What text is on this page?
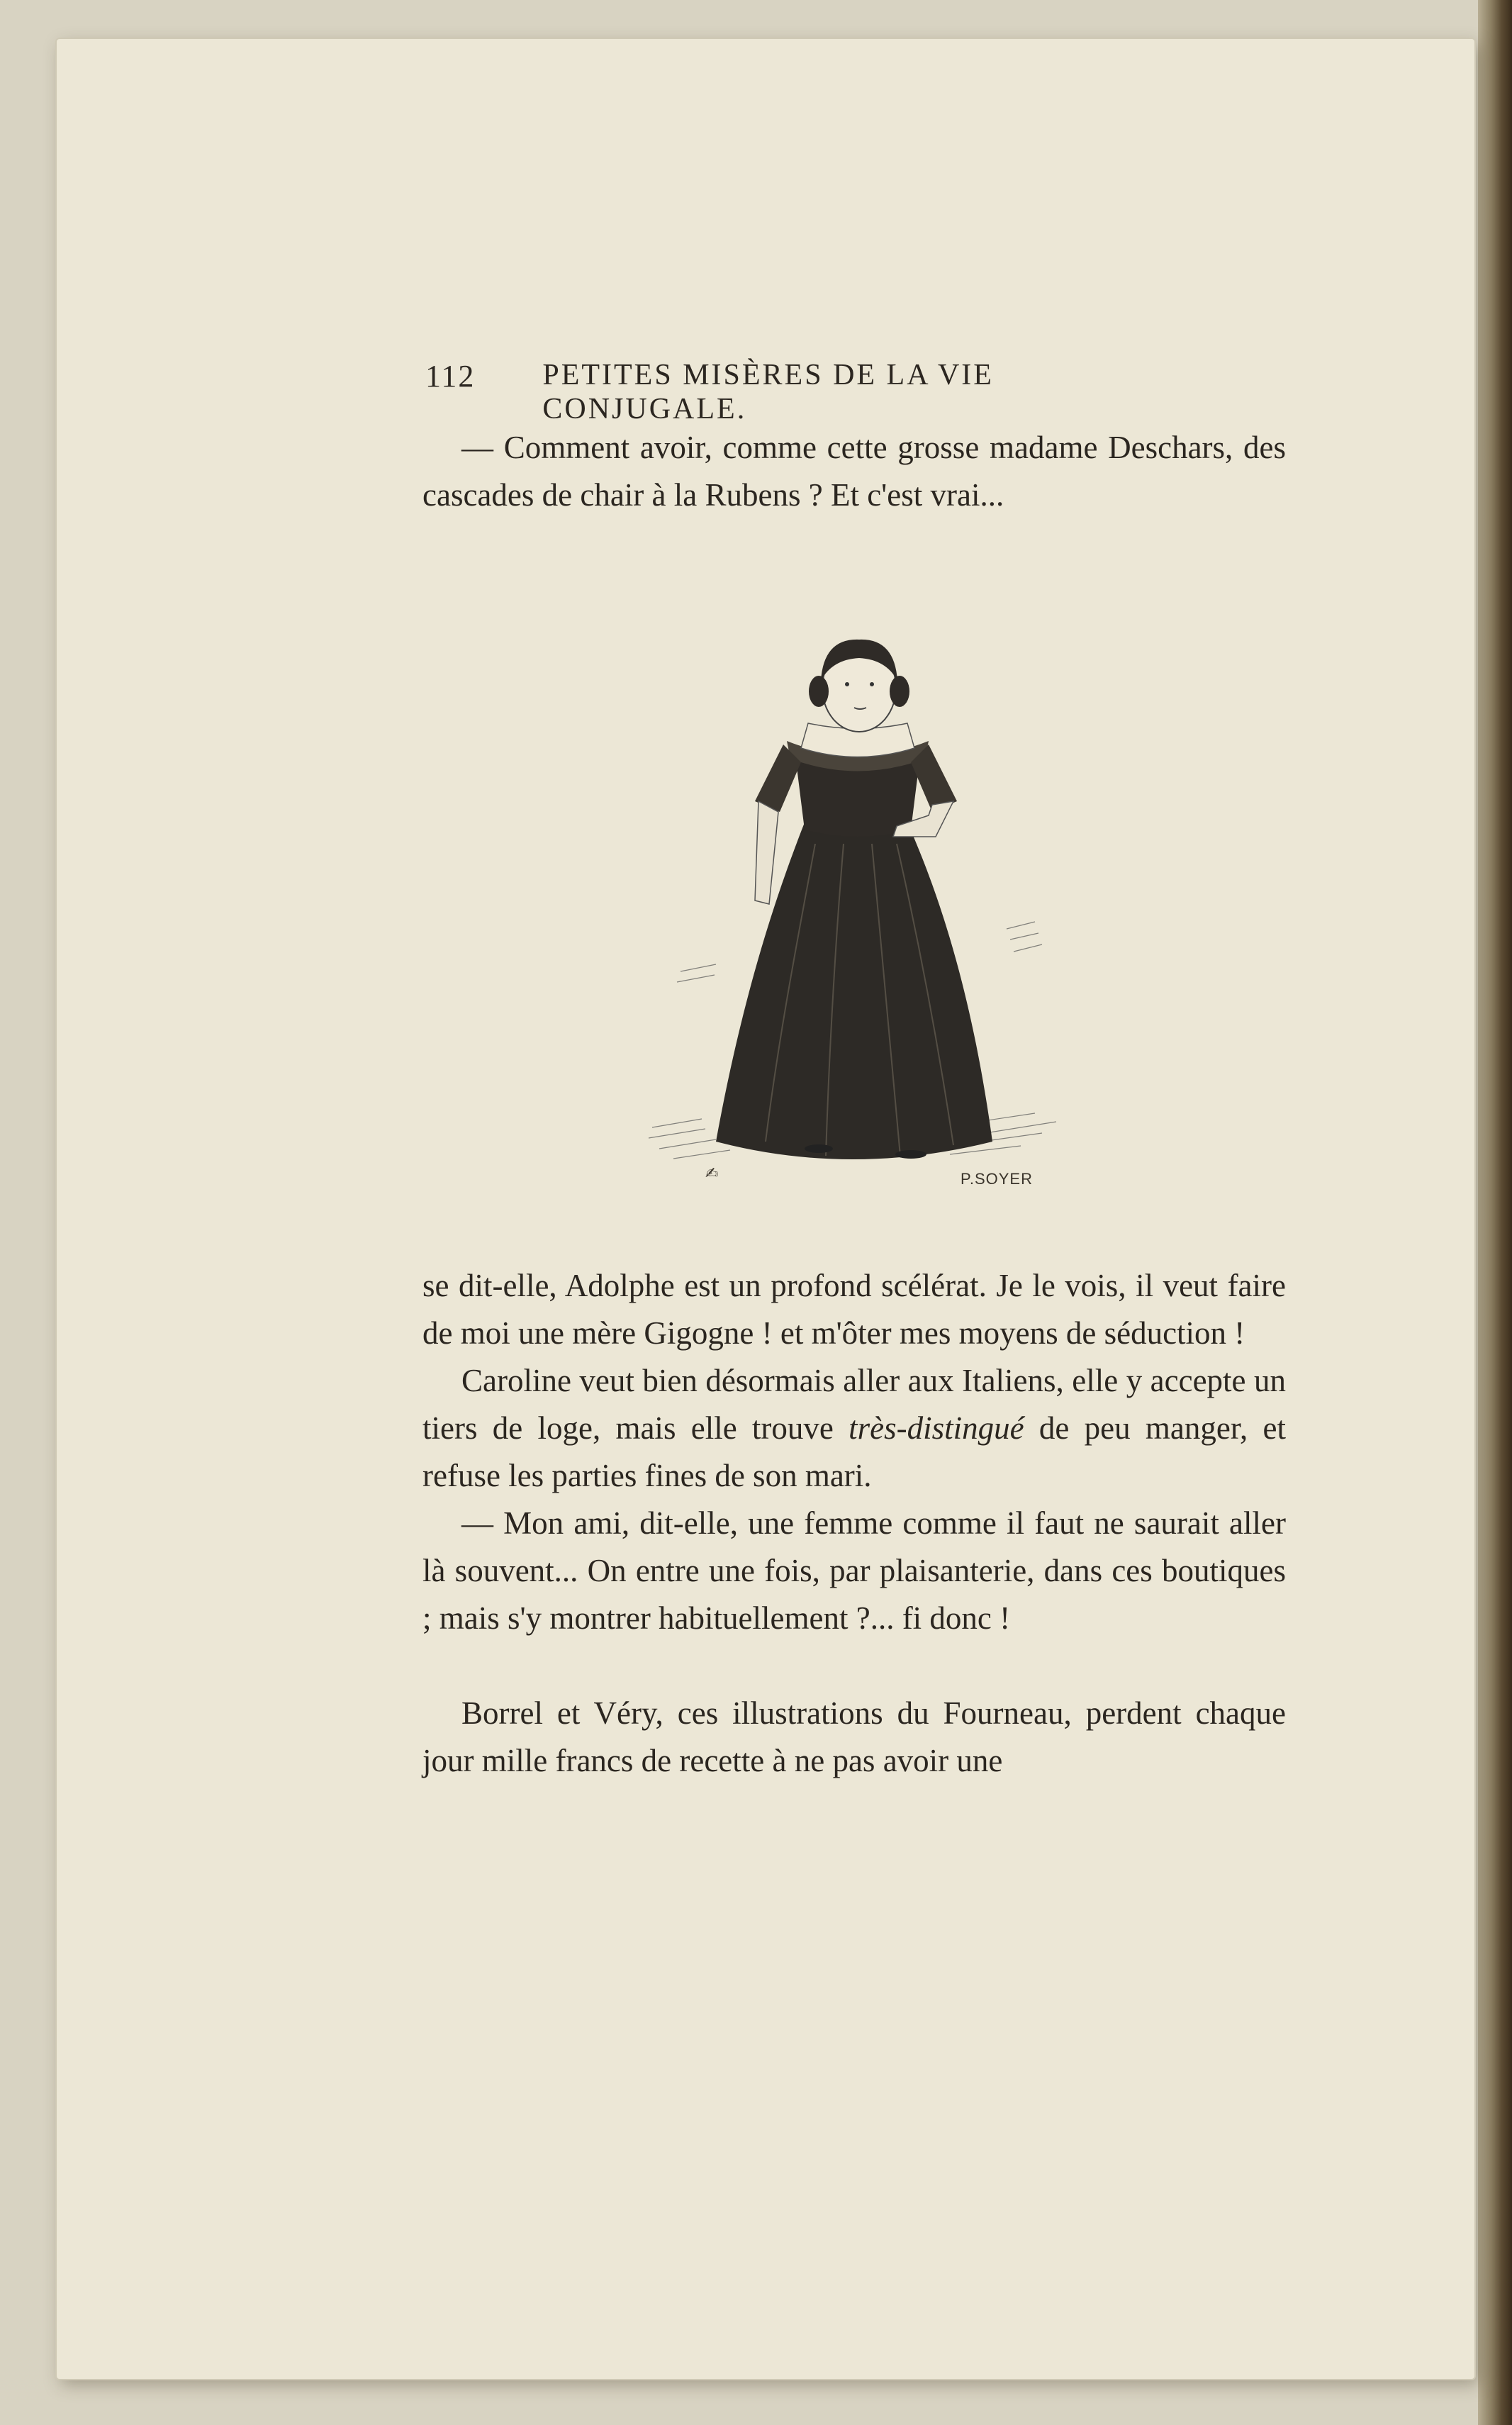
112 PETITES MISÈRES DE LA VIE CONJUGALE.

— Comment avoir, comme cette grosse madame Deschars, des cascades de chair à la Rubens ? Et c'est vrai...

✍	P.SOYER

se dit-elle, Adolphe est un profond scélérat. Je le vois, il veut faire de moi une mère Gigogne ! et m'ôter mes moyens de séduction !

Caroline veut bien désormais aller aux Italiens, elle y accepte un tiers de loge, mais elle trouve très-distingué de peu manger, et refuse les parties fines de son mari.

— Mon ami, dit-elle, une femme comme il faut ne saurait aller là souvent... On entre une fois, par plaisanterie, dans ces boutiques ; mais s'y montrer habituellement ?... fi donc !

Borrel et Véry, ces illustrations du Fourneau, perdent chaque jour mille francs de recette à ne pas avoir une
